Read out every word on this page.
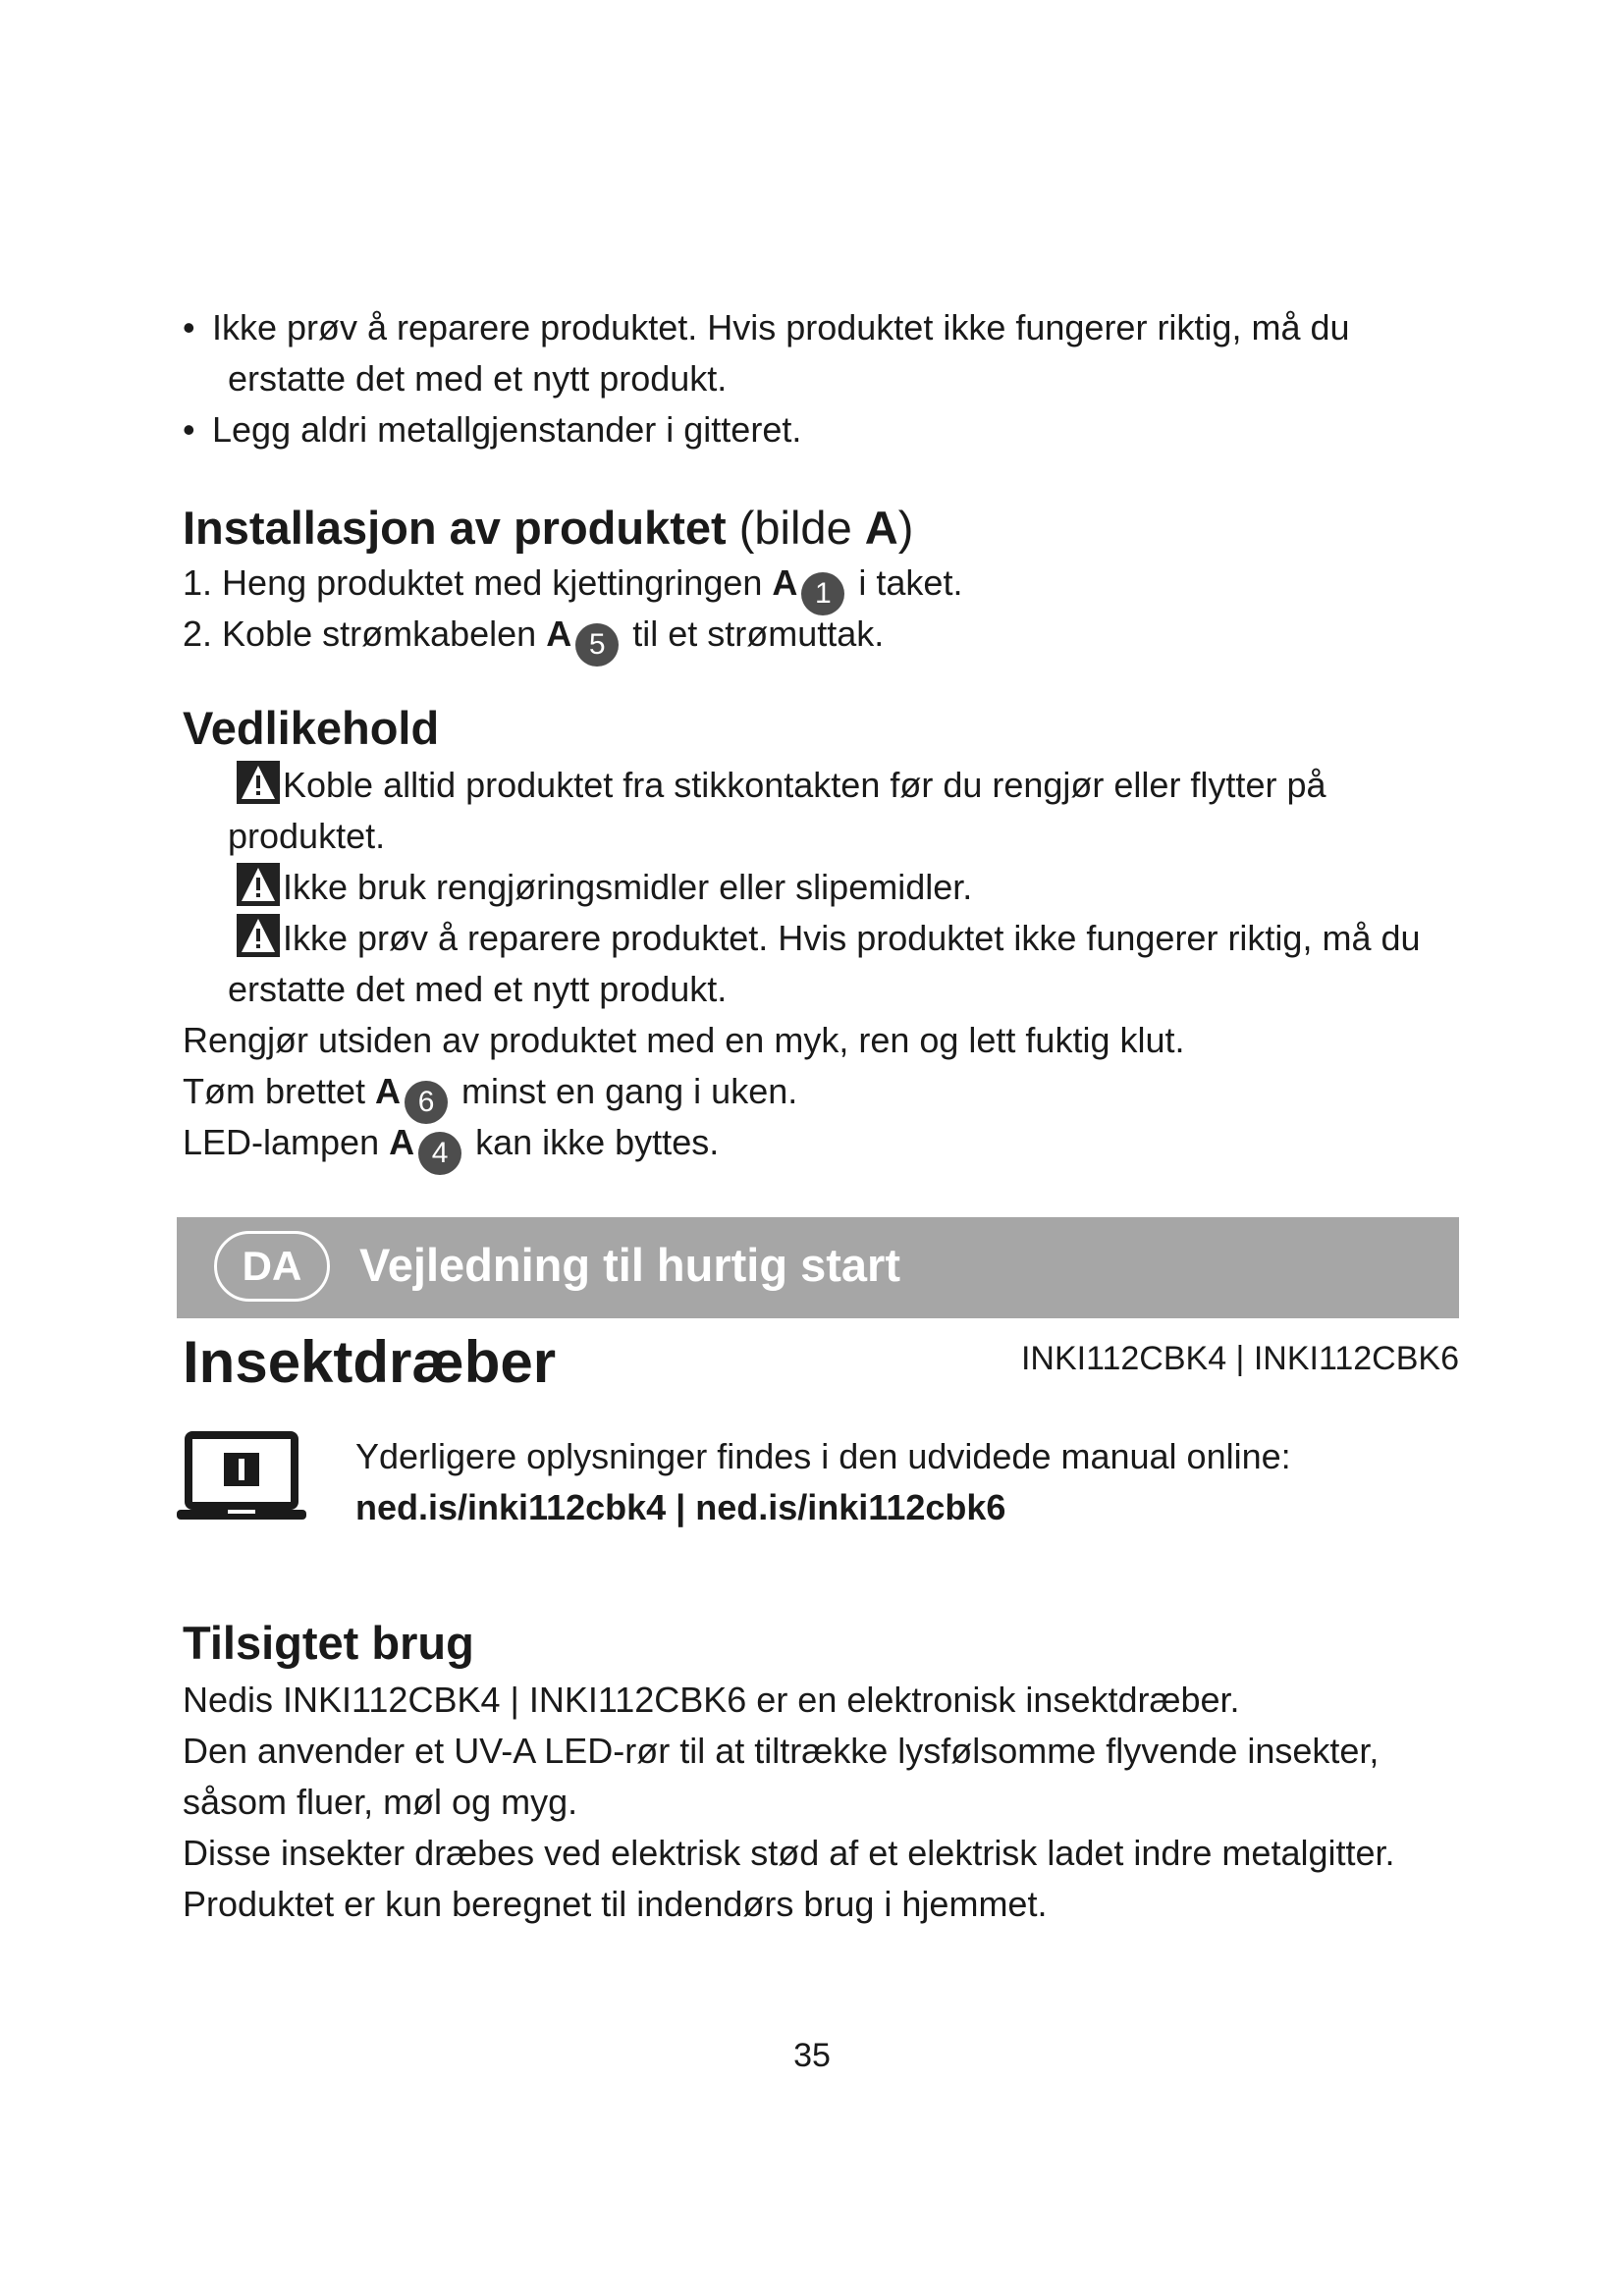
• Ikke prøv å reparere produktet. Hvis produktet ikke fungerer riktig, må du
erstatte det med et nytt produkt.
• Legg aldri metallgjenstander i gitteret.
Installasjon av produktet (bilde A)
1. Heng produktet med kjettingringen A 1 i taket.
2. Koble strømkabelen A 5 til et strømuttak.
Vedlikehold
Koble alltid produktet fra stikkontakten før du rengjør eller flytter på
produktet.
Ikke bruk rengjøringsmidler eller slipemidler.
Ikke prøv å reparere produktet. Hvis produktet ikke fungerer riktig, må du
erstatte det med et nytt produkt.
Rengjør utsiden av produktet med en myk, ren og lett fuktig klut.
Tøm brettet A 6 minst en gang i uken.
LED-lampen A 4 kan ikke byttes.
DA	Vejledning til hurtig start
Insektdræber	INKI112CBK4 | INKI112CBK6
Yderligere oplysninger findes i den udvidede manual online:
ned.is/inki112cbk4 | ned.is/inki112cbk6
Tilsigtet brug
Nedis INKI112CBK4 | INKI112CBK6 er en elektronisk insektdræber.
Den anvender et UV-A LED-rør til at tiltrække lysfølsomme flyvende insekter,
såsom fluer, møl og myg.
Disse insekter dræbes ved elektrisk stød af et elektrisk ladet indre metalgitter.
Produktet er kun beregnet til indendørs brug i hjemmet.
35
